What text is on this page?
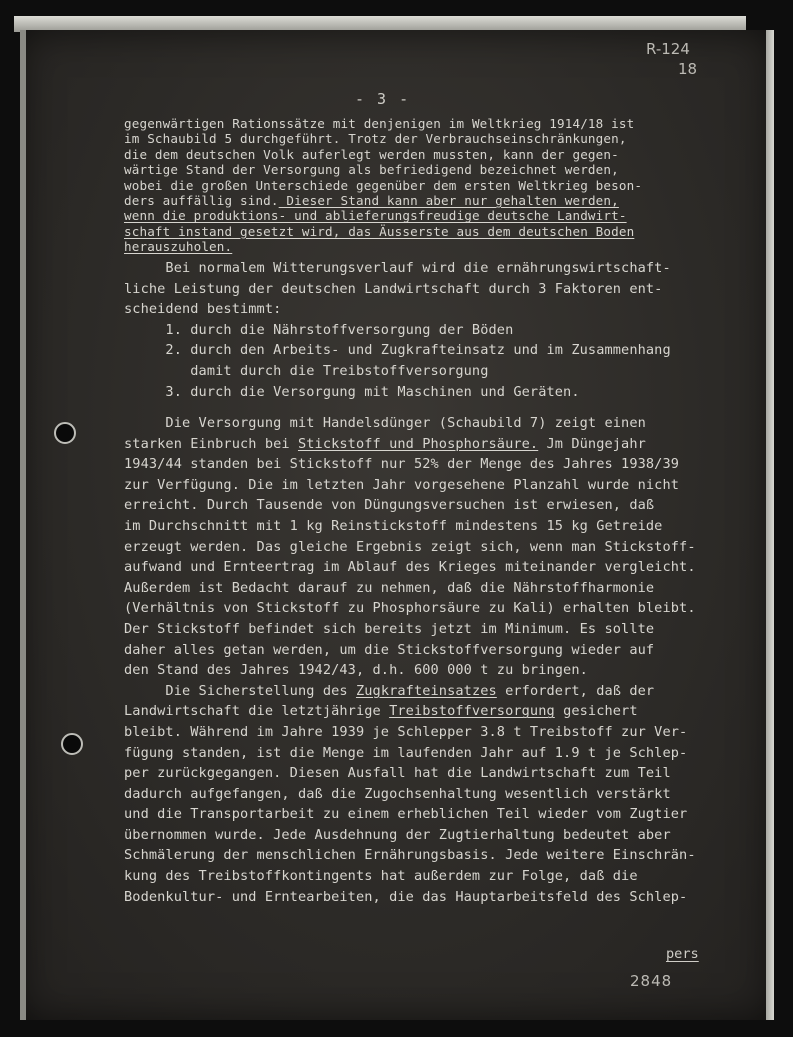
R-124
18
- 3 -
gegenwärtigen Rationssätze mit denjenigen im Weltkrieg 1914/18 ist
im Schaubild 5 durchgeführt. Trotz der Verbrauchseinschränkungen,
die dem deutschen Volk auferlegt werden mussten, kann der gegen-
wärtige Stand der Versorgung als befriedigend bezeichnet werden,
wobei die großen Unterschiede gegenüber dem ersten Weltkrieg beson-
ders auffällig sind. Dieser Stand kann aber nur gehalten werden,
wenn die produktions- und ablieferungsfreudige deutsche Landwirt-
schaft instand gesetzt wird, das Äusserste aus dem deutschen Boden
herauszuholen.
Bei normalem Witterungsverlauf wird die ernährungswirtschaft-
liche Leistung der deutschen Landwirtschaft durch 3 Faktoren ent-
scheidend bestimmt:
1. durch die Nährstoffversorgung der Böden
2. durch den Arbeits- und Zugkrafteinsatz und im Zusammenhang
damit durch die Treibstoffversorgung
3. durch die Versorgung mit Maschinen und Geräten.
Die Versorgung mit Handelsdünger (Schaubild 7) zeigt einen
starken Einbruch bei Stickstoff und Phosphorsäure. Jm Düngejahr
1943/44 standen bei Stickstoff nur 52% der Menge des Jahres 1938/39
zur Verfügung. Die im letzten Jahr vorgesehene Planzahl wurde nicht
erreicht. Durch Tausende von Düngungsversuchen ist erwiesen, daß
im Durchschnitt mit 1 kg Reinstickstoff mindestens 15 kg Getreide
erzeugt werden. Das gleiche Ergebnis zeigt sich, wenn man Stickstoff-
aufwand und Ernteertrag im Ablauf des Krieges miteinander vergleicht.
Außerdem ist Bedacht darauf zu nehmen, daß die Nährstoffharmonie
(Verhältnis von Stickstoff zu Phosphorsäure zu Kali) erhalten bleibt.
Der Stickstoff befindet sich bereits jetzt im Minimum. Es sollte
daher alles getan werden, um die Stickstoffversorgung wieder auf
den Stand des Jahres 1942/43, d.h. 600 000 t zu bringen.
Die Sicherstellung des Zugkrafteinsatzes erfordert, daß der
Landwirtschaft die letztjährige Treibstoffversorgung gesichert
bleibt. Während im Jahre 1939 je Schlepper 3.8 t Treibstoff zur Ver-
fügung standen, ist die Menge im laufenden Jahr auf 1.9 t je Schlep-
per zurückgegangen. Diesen Ausfall hat die Landwirtschaft zum Teil
dadurch aufgefangen, daß die Zugochsenhaltung wesentlich verstärkt
und die Transportarbeit zu einem erheblichen Teil wieder vom Zugtier
übernommen wurde. Jede Ausdehnung der Zugtierhaltung bedeutet aber
Schmälerung der menschlichen Ernährungsbasis. Jede weitere Einschrän-
kung des Treibstoffkontingents hat außerdem zur Folge, daß die
Bodenkultur- und Erntearbeiten, die das Hauptarbeitsfeld des Schlep-
pers
2848
